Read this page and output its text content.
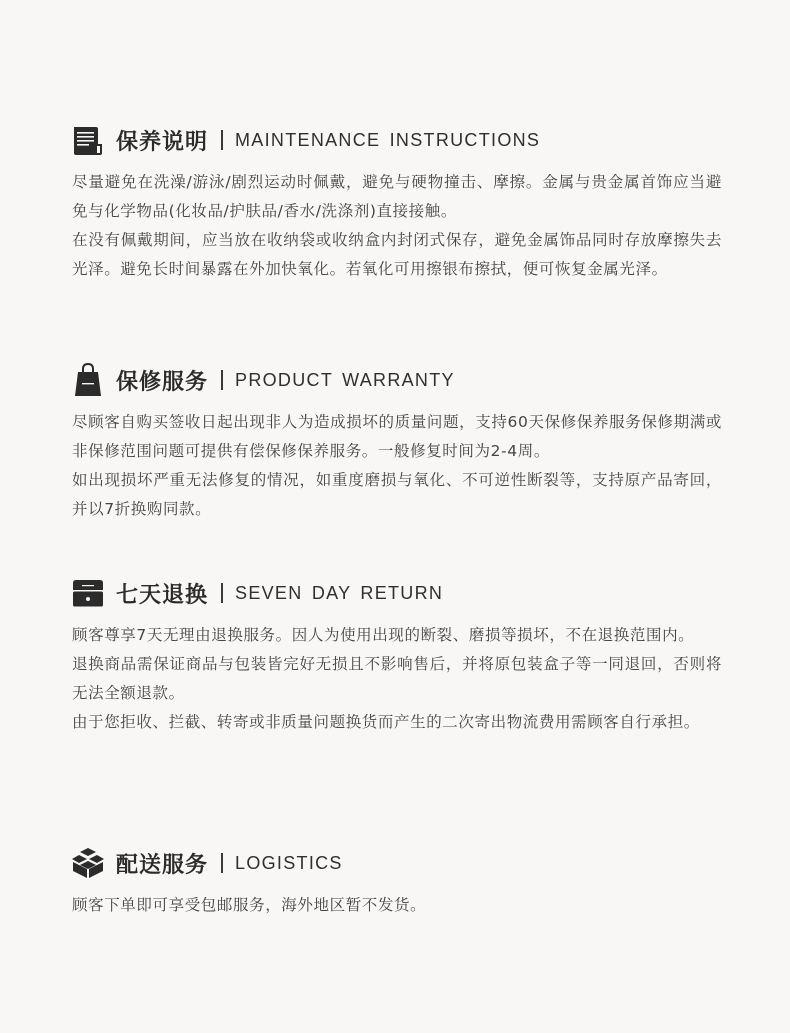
保养说明 MAINTENANCE INSTRUCTIONS

尽量避免在洗澡/游泳/剧烈运动时佩戴，避免与硬物撞击、摩擦。金属与贵金属首饰应当避免与化学物品(化妆品/护肤品/香水/洗涤剂)直接接触。

在没有佩戴期间，应当放在收纳袋或收纳盒内封闭式保存，避免金属饰品同时存放摩擦失去光泽。避免长时间暴露在外加快氧化。若氧化可用擦银布擦拭，便可恢复金属光泽。

保修服务 PRODUCT WARRANTY

尽顾客自购买签收日起出现非人为造成损坏的质量问题，支持60天保修保养服务保修期满或非保修范围问题可提供有偿保修保养服务。一般修复时间为2-4周。

如出现损坏严重无法修复的情况，如重度磨损与氧化、不可逆性断裂等，支持原产品寄回，并以7折换购同款。

七天退换 SEVEN DAY RETURN

顾客尊享7天无理由退换服务。因人为使用出现的断裂、磨损等损坏，不在退换范围内。

退换商品需保证商品与包装皆完好无损且不影响售后，并将原包装盒子等一同退回，否则将无法全额退款。

由于您拒收、拦截、转寄或非质量问题换货而产生的二次寄出物流费用需顾客自行承担。

配送服务 LOGISTICS

顾客下单即可享受包邮服务，海外地区暂不发货。
